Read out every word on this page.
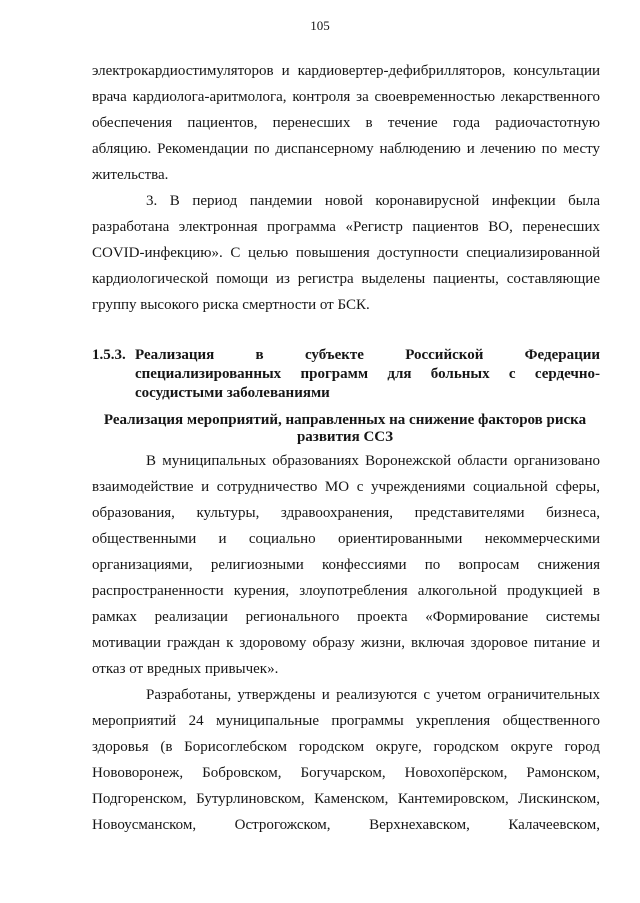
105
электрокардиостимуляторов и кардиовертер-дефибрилляторов, консультации
врача кардиолога-аритмолога, контроля за своевременностью лекарственного
обеспечения пациентов, перенесших в течение года радиочастотную
абляцию. Рекомендации по диспансерному наблюдению и лечению по месту
жительства.
3. В период пандемии новой коронавирусной инфекции была
разработана электронная программа «Регистр пациентов ВО, перенесших
COVID-инфекцию». С целью повышения доступности специализированной
кардиологической помощи из регистра выделены пациенты, составляющие
группу высокого риска смертности от БСК.
1.5.3. Реализация в субъекте Российской Федерации
специализированных программ для больных с сердечно-
сосудистыми заболеваниями
Реализация мероприятий, направленных на снижение факторов риска
развития ССЗ
В муниципальных образованиях Воронежской области организовано
взаимодействие и сотрудничество МО с учреждениями социальной сферы,
образования, культуры, здравоохранения, представителями бизнеса,
общественными и социально ориентированными некоммерческими
организациями, религиозными конфессиями по вопросам снижения
распространенности курения, злоупотребления алкогольной продукцией в
рамках реализации регионального проекта «Формирование системы
мотивации граждан к здоровому образу жизни, включая здоровое питание и
отказ от вредных привычек».
Разработаны, утверждены и реализуются с учетом ограничительных
мероприятий 24 муниципальные программы укрепления общественного
здоровья (в Борисоглебском городском округе, городском округе город
Нововоронеж, Бобровском, Богучарском, Новохопёрском, Рамонском,
Подгоренском, Бутурлиновском, Каменском, Кантемировском, Лискинском,
Новоусманском, Острогожском, Верхнехавском, Калачеевском,
